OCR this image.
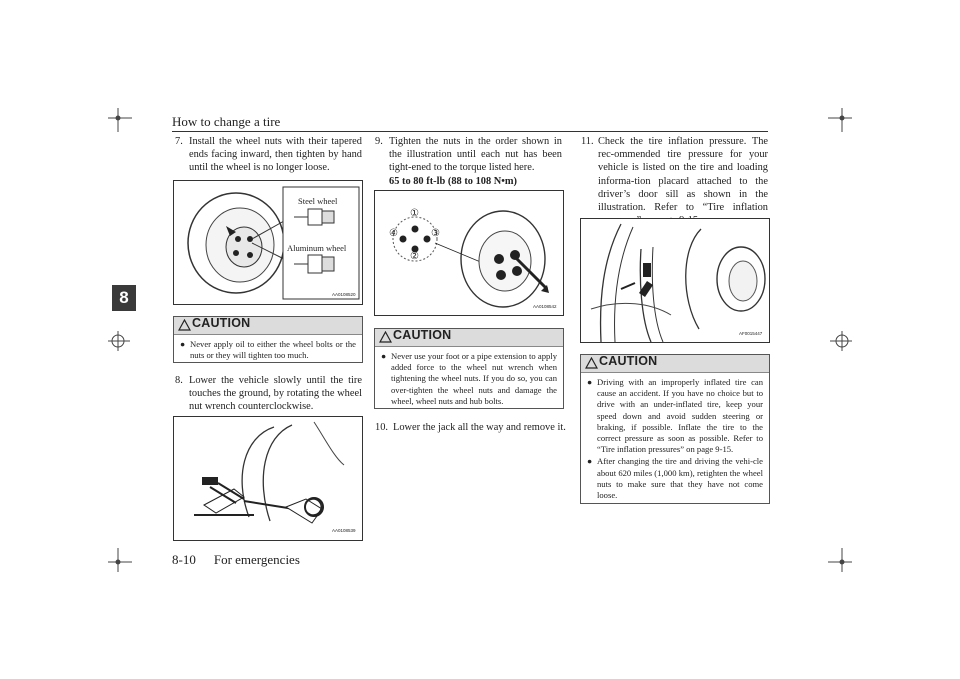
How to change a tire
8
7. Install the wheel nuts with their tapered ends facing inward, then tighten by hand until the wheel is no longer loose.
Steel wheel
Aluminum wheel
AA0108520
CAUTION
● Never apply oil to either the wheel bolts or the nuts or they will tighten too much.
8. Lower the vehicle slowly until the tire touches the ground, by rotating the wheel nut wrench counterclockwise.
AA0108539
9. Tighten the nuts in the order shown in the illustration until each nut has been tight-ened to the torque listed here.
65 to 80 ft-lb (88 to 108 N•m)
①
②
③
④
AA0108542
CAUTION
● Never use your foot or a pipe extension to apply added force to the wheel nut wrench when tightening the wheel nuts. If you do so, you can over-tighten the wheel nuts and damage the wheel, wheel nuts and hub bolts.
10. Lower the jack all the way and remove it.
11. Check the tire inflation pressure. The rec-ommended tire pressure for your vehicle is listed on the tire and loading informa-tion placard attached to the driver’s door sill as shown in the illustration. Refer to “Tire inflation
AF0015447
CAUTION
● Driving with an improperly inflated tire can cause an accident. If you have no choice but to drive with an under-inflated tire, keep your speed down and avoid sudden steering or braking, if possible. Inflate the tire to the correct pressure as soon as possible. Refer to “Tire inflation pressures” on page 9-15.
● After changing the tire and driving the vehi-cle about 620 miles (1,000 km), retighten the wheel nuts to make sure that they have not come loose.
8-10 For emergencies
